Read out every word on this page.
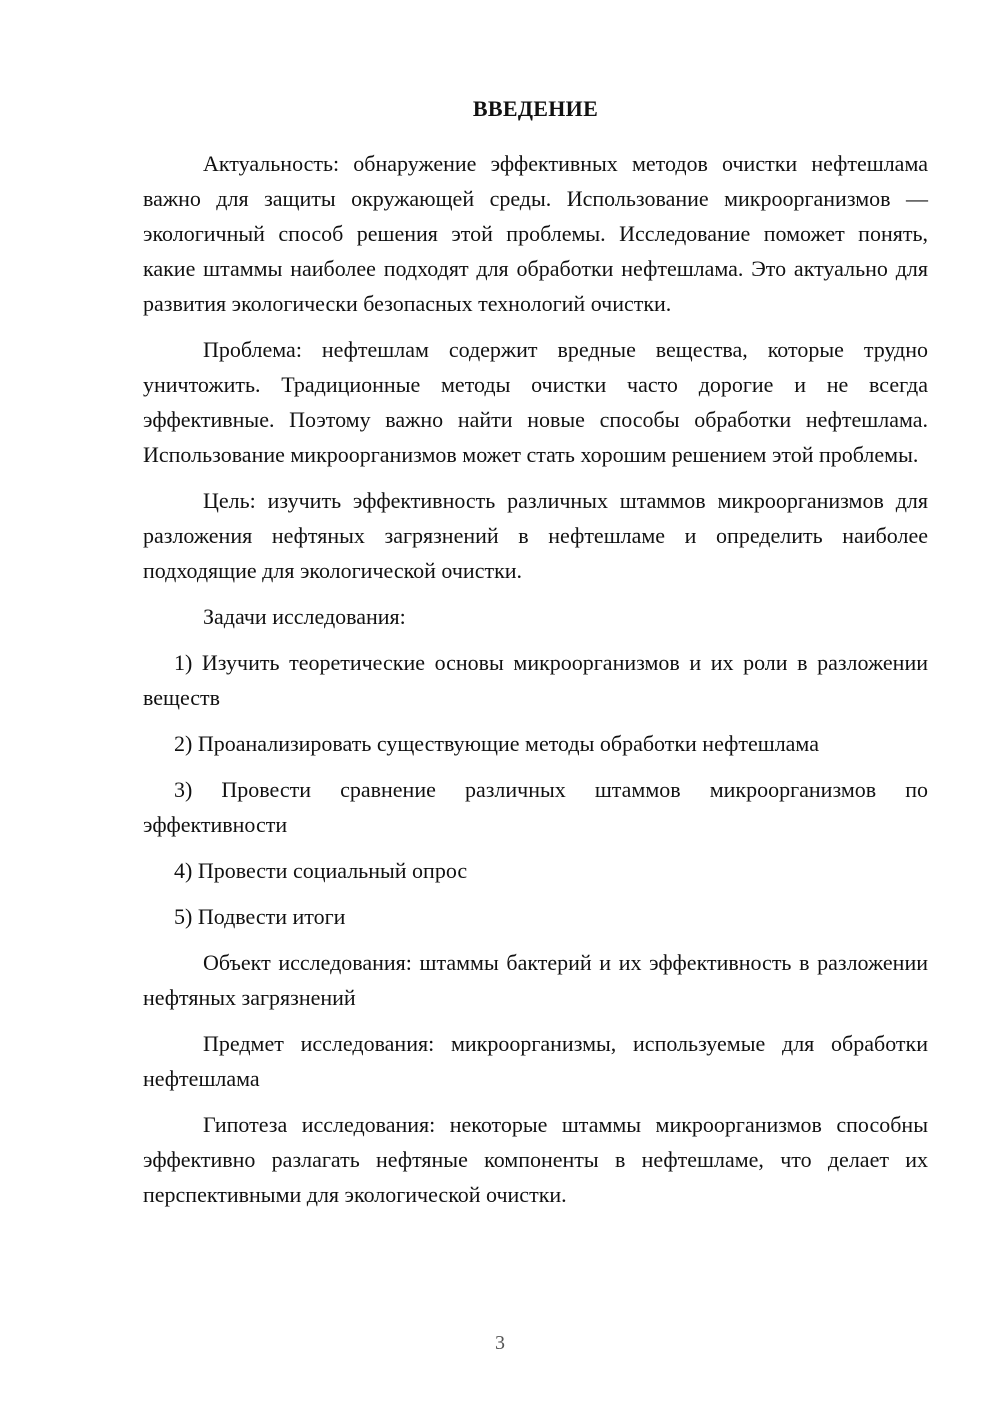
ВВЕДЕНИЕ

Актуальность: обнаружение эффективных методов очистки нефтешлама важно для защиты окружающей среды. Использование микроорганизмов — экологичный способ решения этой проблемы. Исследование поможет понять, какие штаммы наиболее подходят для обработки нефтешлама. Это актуально для развития экологически безопасных технологий очистки.

Проблема: нефтешлам содержит вредные вещества, которые трудно уничтожить. Традиционные методы очистки часто дорогие и не всегда эффективные. Поэтому важно найти новые способы обработки нефтешлама. Использование микроорганизмов может стать хорошим решением этой проблемы.

Цель: изучить эффективность различных штаммов микроорганизмов для разложения нефтяных загрязнений в нефтешламе и определить наиболее подходящие для экологической очистки.

Задачи исследования:

1) Изучить теоретические основы микроорганизмов и их роли в разложении веществ

2) Проанализировать существующие методы обработки нефтешлама

3) Провести сравнение различных штаммов микроорганизмов по эффективности

4) Провести социальный опрос

5) Подвести итоги

Объект исследования: штаммы бактерий и их эффективность в разложении нефтяных загрязнений

Предмет исследования: микроорганизмы, используемые для обработки нефтешлама

Гипотеза исследования: некоторые штаммы микроорганизмов способны эффективно разлагать нефтяные компоненты в нефтешламе, что делает их перспективными для экологической очистки.

3
